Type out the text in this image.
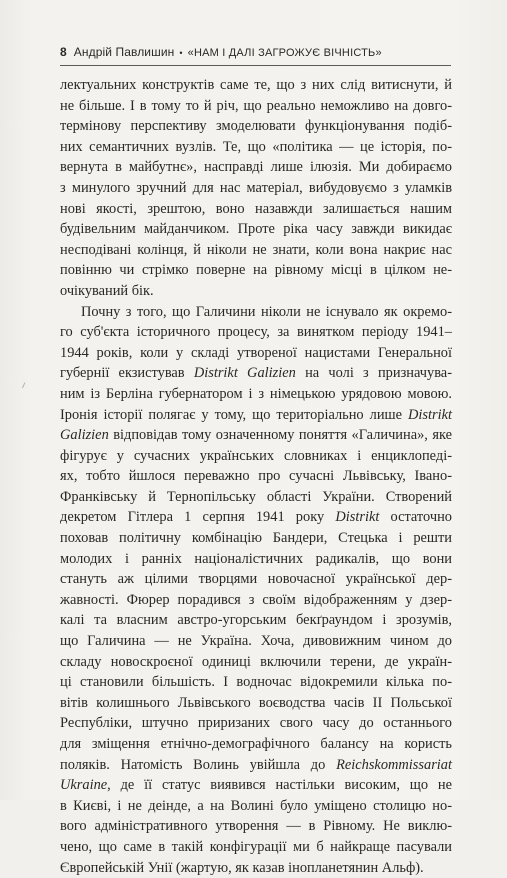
8 Андрій Павлишин • «НАМ І ДАЛІ ЗАГРОЖУЄ ВІЧНІСТЬ»
лектуальних конструктів саме те, що з них слід витиснути, й
не більше. І в тому то й річ, що реально неможливо на довго-
термінову перспективу змоделювати функціонування подіб-
них семантичних вузлів. Те, що «політика — це історія, по-
вернута в майбутнє», насправді лише ілюзія. Ми добираємо
з минулого зручний для нас матеріал, вибудовуємо з уламків
нові якості, зрештою, воно назавжди залишається нашим
будівельним майданчиком. Проте ріка часу завжди викидає
несподівані колінця, й ніколи не знати, коли вона накриє нас
повінню чи стрімко поверне на рівному місці в цілком не-
очікуваний бік.
Почну з того, що Галичини ніколи не існувало як окремо-
го суб'єкта історичного процесу, за винятком періоду 1941–
1944 років, коли у складі утвореної нацистами Генеральної
губернії екзистував Distrikt Galizien на чолі з призначува-
ним із Берліна губернатором і з німецькою урядовою мовою.
Іронія історії полягає у тому, що територіально лише Distrikt
Galizien відповідав тому означенному поняття «Галичина», яке
фігурує у сучасних українських словниках і енциклопеді-
ях, тобто йшлося переважно про сучасні Львівську, Івано-
Франківську й Тернопільську області України. Створений
декретом Гітлера 1 серпня 1941 року Distrikt остаточно
поховав політичну комбінацію Бандери, Стецька і решти
молодих і ранніх націоналістичних радикалів, що вони
стануть аж цілими творцями новочасної української дер-
жавності. Фюрер порадився з своїм відображенням у дзер-
калі та власним австро-угорським бекґраундом і зрозумів,
що Галичина — не Україна. Хоча, дивовижним чином до
складу новоскроєної одиниці включили терени, де україн-
ці становили більшість. І водночас відокремили кілька по-
вітів колишнього Львівського воєводства часів ІІ Польської
Республіки, штучно приризаних свого часу до останнього
для зміщення етнічно-демографічного балансу на користь
поляків. Натомість Волинь увійшла до Reichskommissariat
Ukraine, де її статус виявився настільки високим, що не
в Києві, і не деінде, а на Волині було уміщено столицю но-
вого адміністративного утворення — в Рівному. Не виклю-
чено, що саме в такій конфігурації ми б найкраще пасували
Європейській Унії (жартую, як казав інопланетянин Альф).
